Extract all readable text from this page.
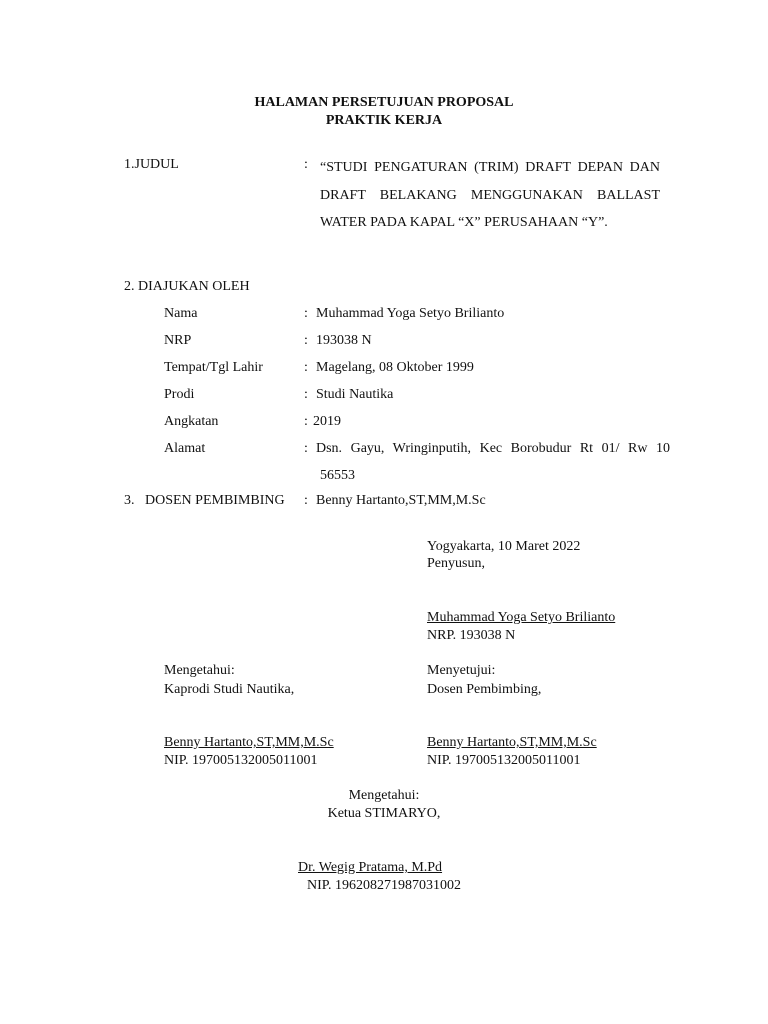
HALAMAN PERSETUJUAN PROPOSAL
PRAKTIK KERJA
1.JUDUL	: “STUDI PENGATURAN (TRIM) DRAFT DEPAN DAN DRAFT BELAKANG MENGGUNAKAN BALLAST WATER PADA KAPAL “X” PERUSAHAAN “Y”.
2. DIAJUKAN OLEH
Nama	: Muhammad Yoga Setyo Brilianto
NRP	: 193038 N
Tempat/Tgl Lahir	: Magelang, 08 Oktober 1999
Prodi	: Studi Nautika
Angkatan	: 2019
Alamat	: Dsn. Gayu, Wringinputih, Kec Borobudur Rt 01/ Rw 10
56553
3. DOSEN PEMBIMBING : Benny Hartanto,ST,MM,M.Sc
Yogyakarta, 10 Maret 2022
Penyusun,
Muhammad Yoga Setyo Brilianto
NRP. 193038 N
Mengetahui:
Kaprodi Studi Nautika,
Benny Hartanto,ST,MM,M.Sc
NIP. 197005132005011001
Menyetujui:
Dosen Pembimbing,
Benny Hartanto,ST,MM,M.Sc
NIP. 197005132005011001
Mengetahui:
Ketua STIMARYO,
Dr. Wegig Pratama, M.Pd
NIP. 196208271987031002
